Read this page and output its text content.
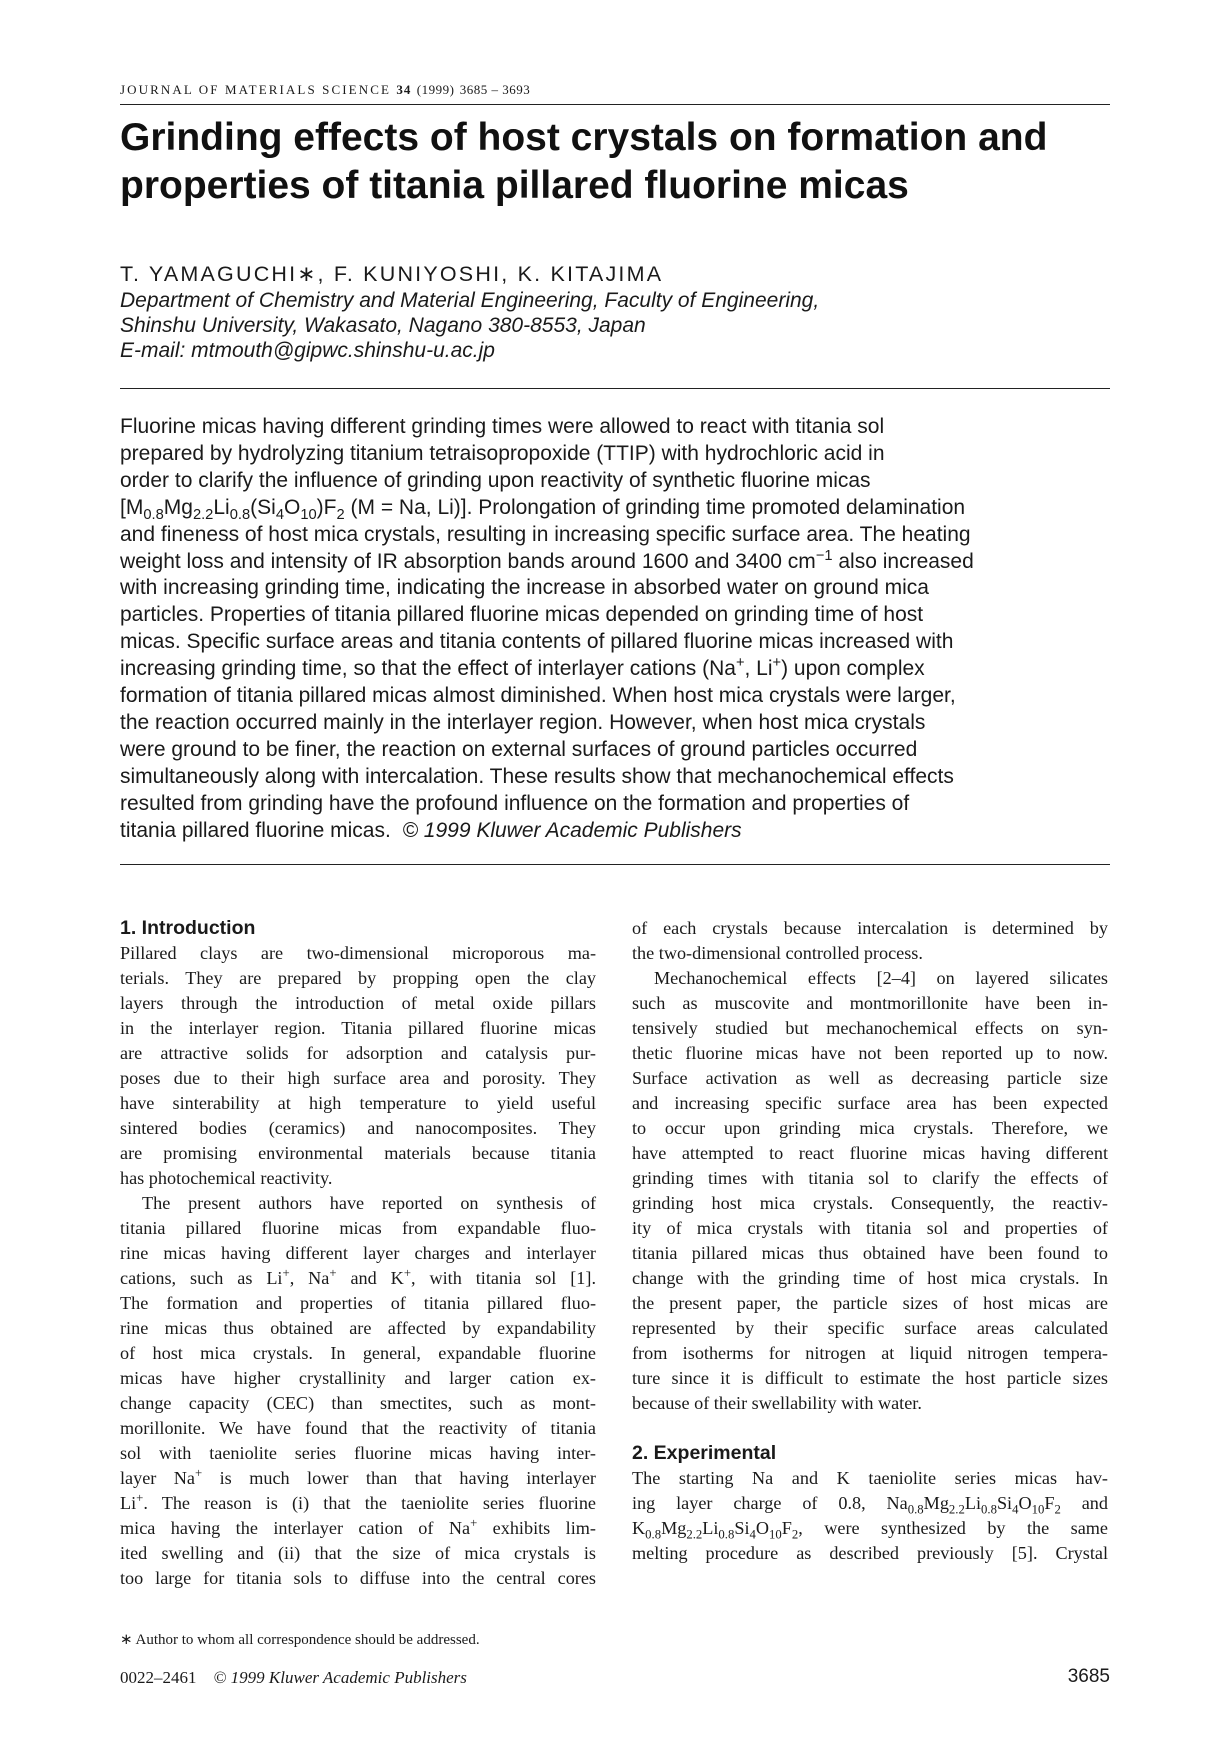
JOURNAL OF MATERIALS SCIENCE 34 (1999) 3685 – 3693
Grinding effects of host crystals on formation and
properties of titania pillared fluorine micas
T. YAMAGUCHI∗, F. KUNIYOSHI, K. KITAJIMA
Department of Chemistry and Material Engineering, Faculty of Engineering,
Shinshu University, Wakasato, Nagano 380-8553, Japan
E-mail: mtmouth@gipwc.shinshu-u.ac.jp
Fluorine micas having different grinding times were allowed to react with titania sol
prepared by hydrolyzing titanium tetraisopropoxide (TTIP) with hydrochloric acid in
order to clarify the influence of grinding upon reactivity of synthetic fluorine micas
[$M_{0.8}Mg_{2.2}Li_{0.8}(Si_4O_{10})F_2$ (M = Na, Li)]. Prolongation of grinding time promoted delamination
and fineness of host mica crystals, resulting in increasing specific surface area. The heating
weight loss and intensity of IR absorption bands around 1600 and 3400 $cm^{-1}$ also increased
with increasing grinding time, indicating the increase in absorbed water on ground mica
particles. Properties of titania pillared fluorine micas depended on grinding time of host
micas. Specific surface areas and titania contents of pillared fluorine micas increased with
increasing grinding time, so that the effect of interlayer cations (Na+, Li+) upon complex
formation of titania pillared micas almost diminished. When host mica crystals were larger,
the reaction occurred mainly in the interlayer region. However, when host mica crystals
were ground to be finer, the reaction on external surfaces of ground particles occurred
simultaneously along with intercalation. These results show that mechanochemical effects
resulted from grinding have the profound influence on the formation and properties of
titania pillared fluorine micas. © 1999 Kluwer Academic Publishers
1. Introduction
Pillared clays are two-dimensional microporous ma-
terials. They are prepared by propping open the clay
layers through the introduction of metal oxide pillars
in the interlayer region. Titania pillared fluorine micas
are attractive solids for adsorption and catalysis pur-
poses due to their high surface area and porosity. They
have sinterability at high temperature to yield useful
sintered bodies (ceramics) and nanocomposites. They
are promising environmental materials because titania
has photochemical reactivity.
The present authors have reported on synthesis of
titania pillared fluorine micas from expandable fluo-
rine micas having different layer charges and interlayer
cations, such as Li+, Na+ and K+, with titania sol [1].
The formation and properties of titania pillared fluo-
rine micas thus obtained are affected by expandability
of host mica crystals. In general, expandable fluorine
micas have higher crystallinity and larger cation ex-
change capacity (CEC) than smectites, such as mont-
morillonite. We have found that the reactivity of titania
sol with taeniolite series fluorine micas having inter-
layer Na+ is much lower than that having interlayer
Li+. The reason is (i) that the taeniolite series fluorine
mica having the interlayer cation of Na+ exhibits lim-
ited swelling and (ii) that the size of mica crystals is
too large for titania sols to diffuse into the central cores
of each crystals because intercalation is determined by
the two-dimensional controlled process.
Mechanochemical effects [2–4] on layered silicates
such as muscovite and montmorillonite have been in-
tensively studied but mechanochemical effects on syn-
thetic fluorine micas have not been reported up to now.
Surface activation as well as decreasing particle size
and increasing specific surface area has been expected
to occur upon grinding mica crystals. Therefore, we
have attempted to react fluorine micas having different
grinding times with titania sol to clarify the effects of
grinding host mica crystals. Consequently, the reactiv-
ity of mica crystals with titania sol and properties of
titania pillared micas thus obtained have been found to
change with the grinding time of host mica crystals. In
the present paper, the particle sizes of host micas are
represented by their specific surface areas calculated
from isotherms for nitrogen at liquid nitrogen tempera-
ture since it is difficult to estimate the host particle sizes
because of their swellability with water.
2. Experimental
The starting Na and K taeniolite series micas hav-
ing layer charge of 0.8, $Na_{0.8}Mg_{2.2}Li_{0.8}Si_4O_{10}F_2$ and
$K_{0.8}Mg_{2.2}Li_{0.8}Si_4O_{10}F_2$, were synthesized by the same
melting procedure as described previously [5]. Crystal
∗ Author to whom all correspondence should be addressed.
0022–2461 © 1999 Kluwer Academic Publishers	3685
